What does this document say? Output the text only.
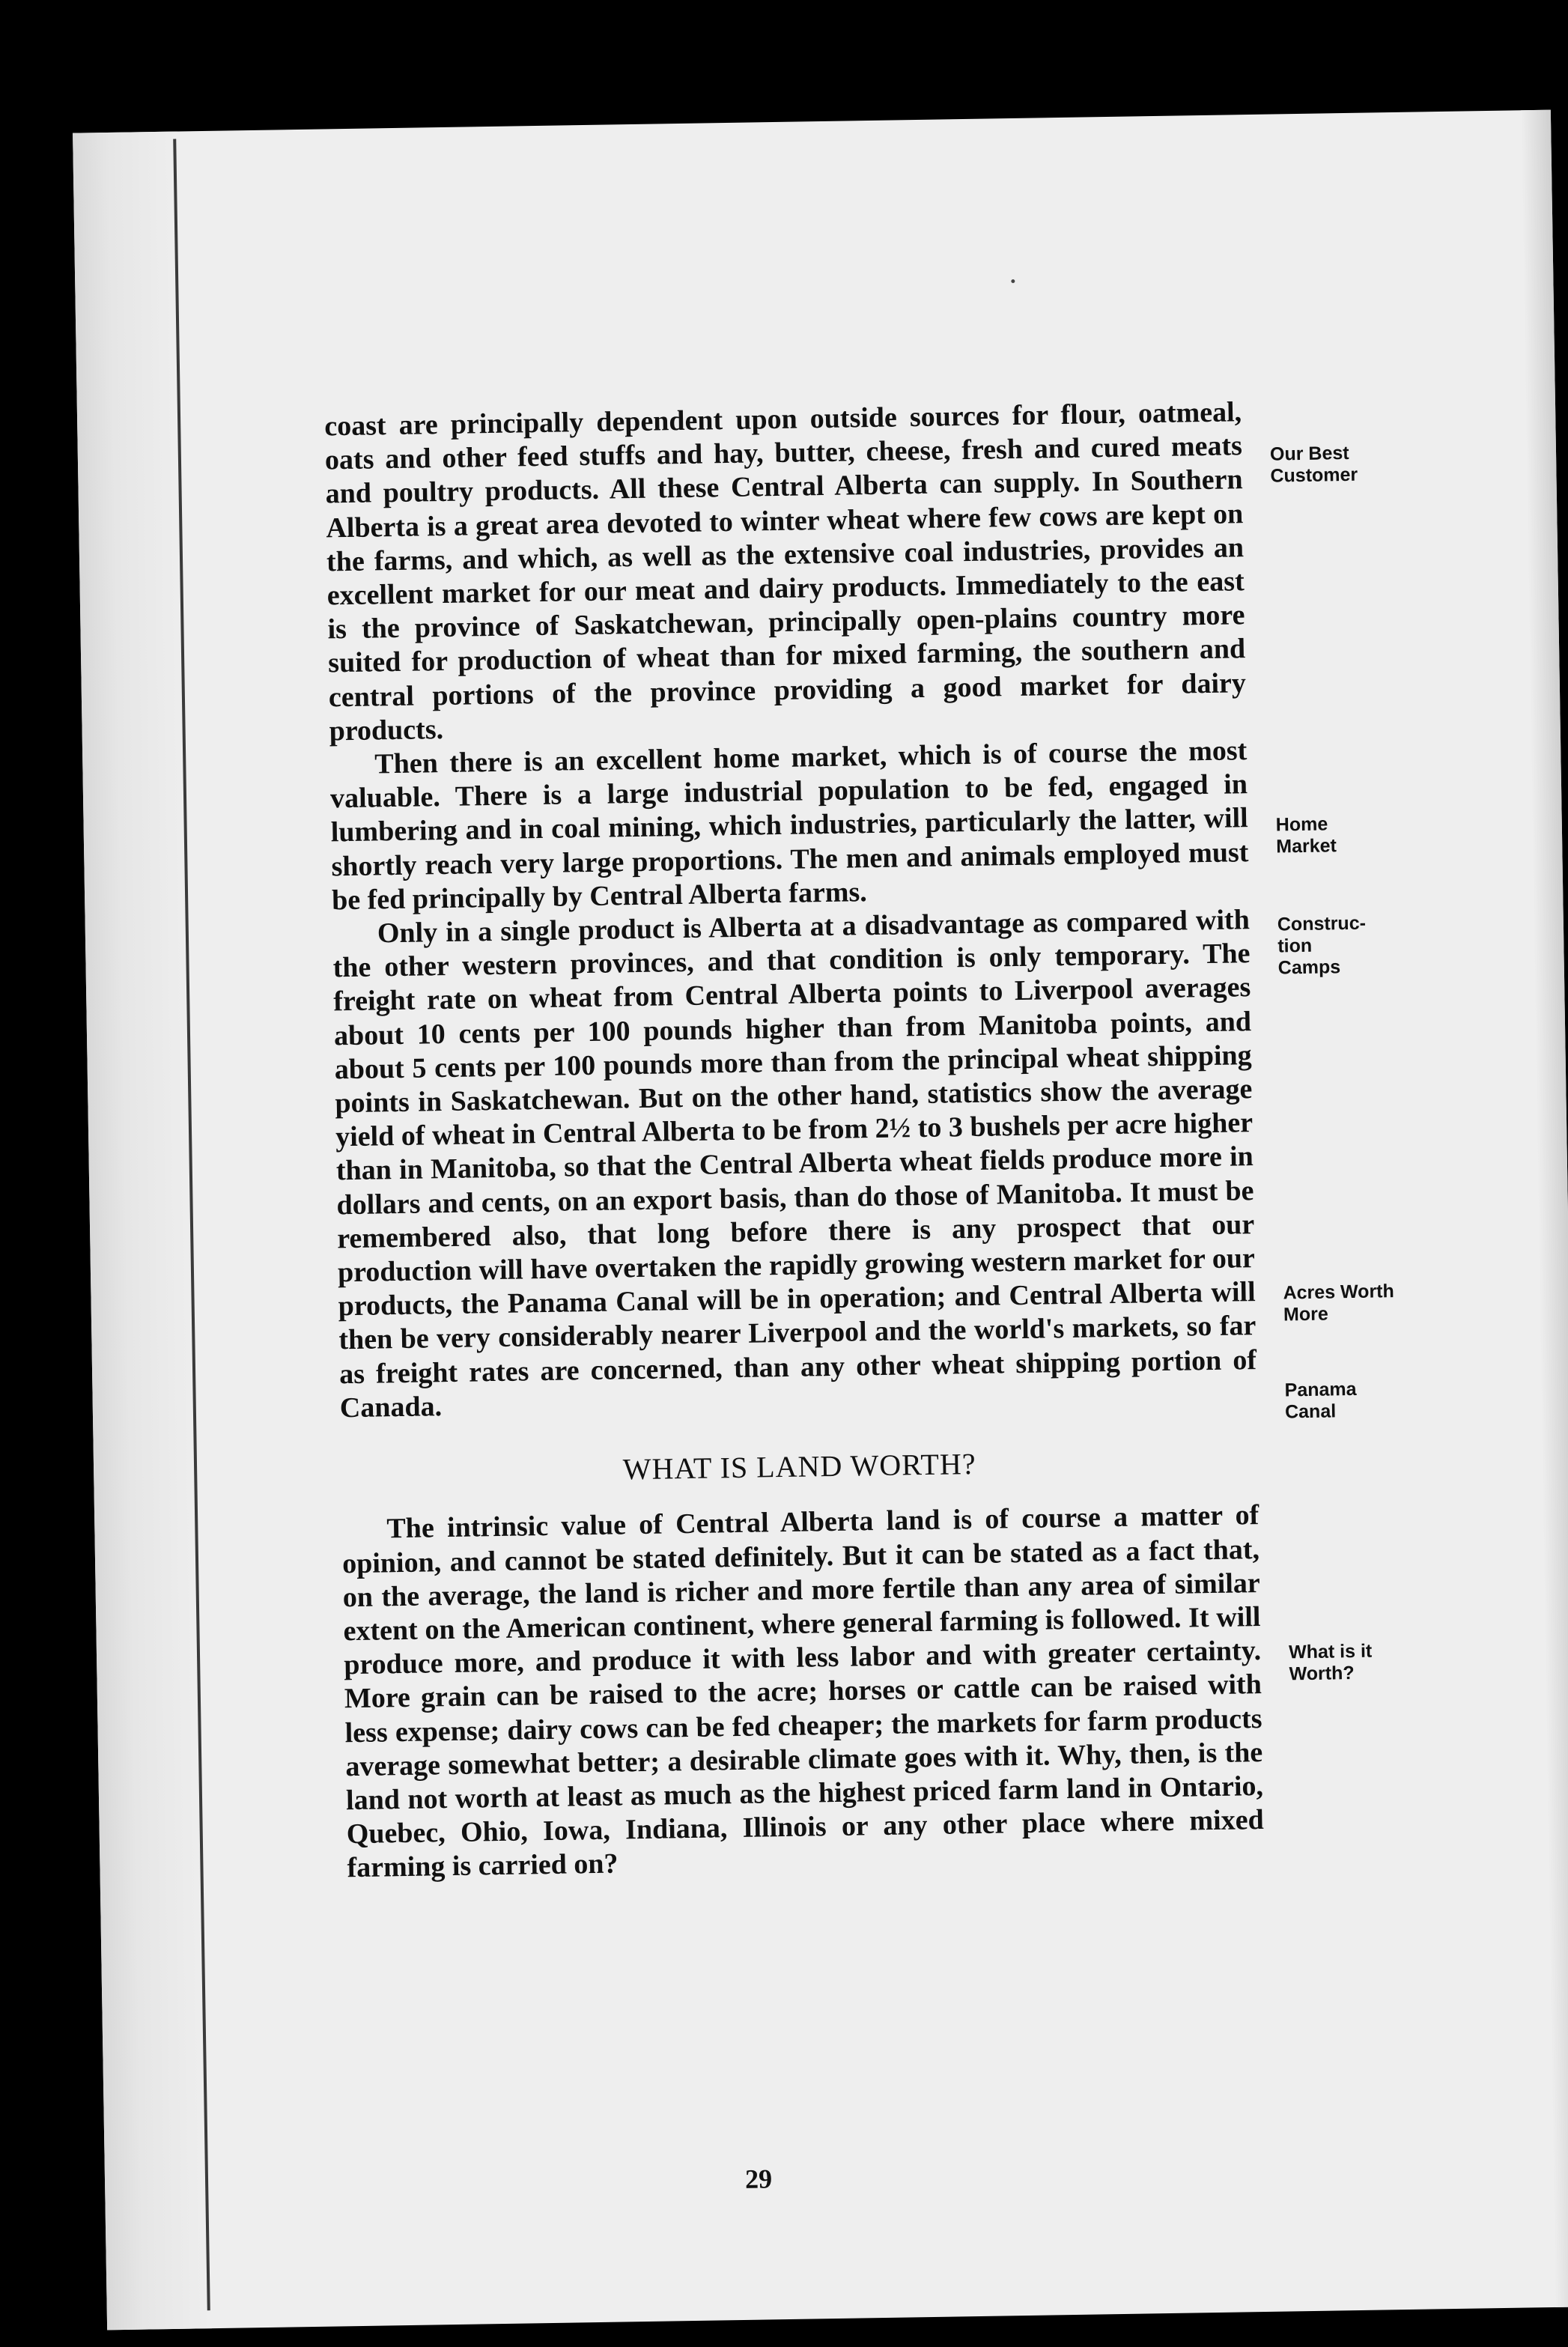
coast are principally dependent upon outside sources for flour, oatmeal, oats and other feed stuffs and hay, butter, cheese, fresh and cured meats and poultry products. All these Central Alberta can supply. In Southern Alberta is a great area devoted to winter wheat where few cows are kept on the farms, and which, as well as the extensive coal industries, provides an excellent market for our meat and dairy products. Immediately to the east is the province of Saskatchewan, principally open-plains country more suited for production of wheat than for mixed farming, the southern and central portions of the province providing a good market for dairy products.

Then there is an excellent home market, which is of course the most valuable. There is a large industrial population to be fed, engaged in lumbering and in coal mining, which industries, particularly the latter, will shortly reach very large proportions. The men and animals employed must be fed principally by Central Alberta farms.

Only in a single product is Alberta at a disadvantage as compared with the other western provinces, and that condition is only temporary. The freight rate on wheat from Central Alberta points to Liverpool averages about 10 cents per 100 pounds higher than from Manitoba points, and about 5 cents per 100 pounds more than from the principal wheat shipping points in Saskatchewan. But on the other hand, statistics show the average yield of wheat in Central Alberta to be from 2½ to 3 bushels per acre higher than in Manitoba, so that the Central Alberta wheat fields produce more in dollars and cents, on an export basis, than do those of Manitoba. It must be remembered also, that long before there is any prospect that our production will have overtaken the rapidly growing western market for our products, the Panama Canal will be in operation; and Central Alberta will then be very considerably nearer Liverpool and the world's markets, so far as freight rates are concerned, than any other wheat shipping portion of Canada.

WHAT IS LAND WORTH?

The intrinsic value of Central Alberta land is of course a matter of opinion, and cannot be stated definitely. But it can be stated as a fact that, on the average, the land is richer and more fertile than any area of similar extent on the American continent, where general farming is followed. It will produce more, and produce it with less labor and with greater certainty. More grain can be raised to the acre; horses or cattle can be raised with less expense; dairy cows can be fed cheaper; the markets for farm products average somewhat better; a desirable climate goes with it. Why, then, is the land not worth at least as much as the highest priced farm land in Ontario, Quebec, Ohio, Iowa, Indiana, Illinois or any other place where mixed farming is carried on?

Our Best
Customer
Home
Market
Construc-
tion
Camps
Acres Worth
More
Panama
Canal
What is it
Worth?
29
